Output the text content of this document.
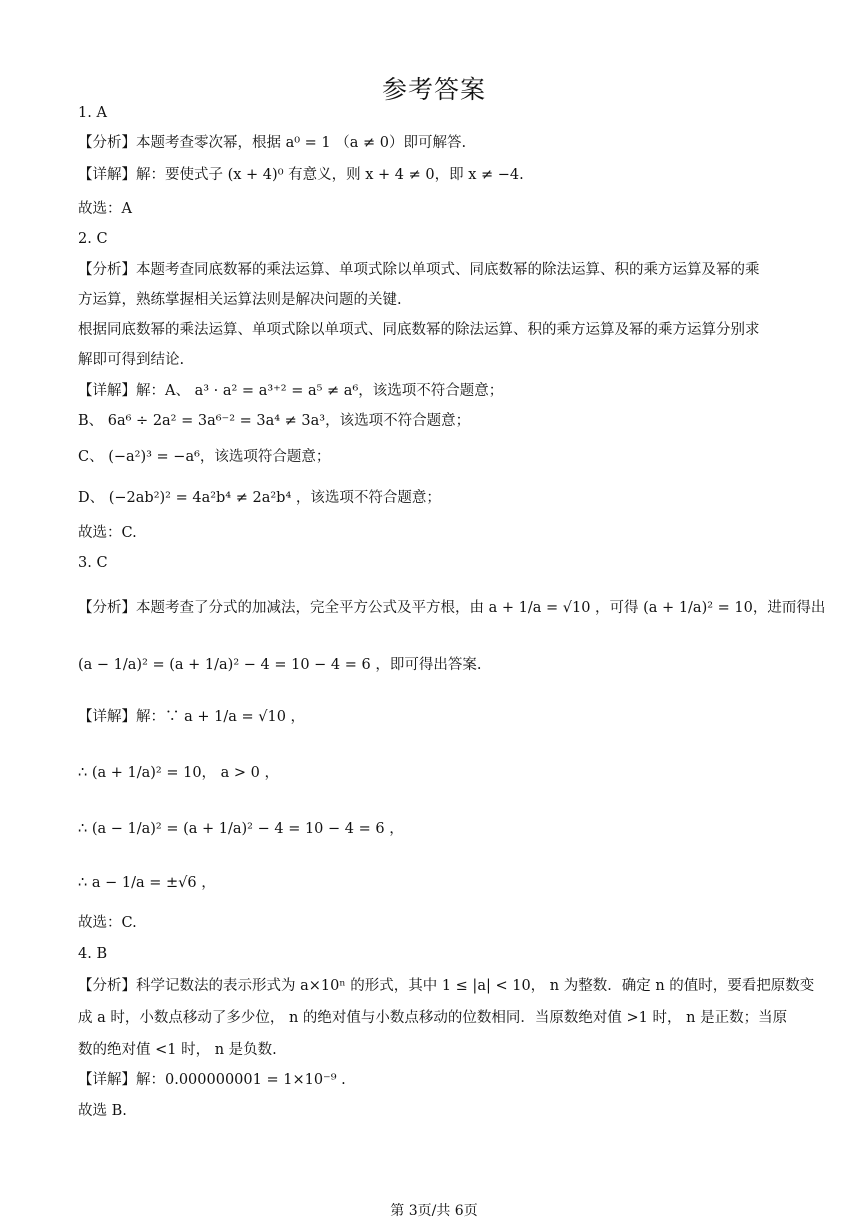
参考答案
1. A
【分析】本题考查零次幂，根据 a⁰ = 1 （a ≠ 0）即可解答.
【详解】解：要使式子 (x + 4)⁰ 有意义，则 x + 4 ≠ 0，即 x ≠ −4.
故选：A
2. C
【分析】本题考查同底数幂的乘法运算、单项式除以单项式、同底数幂的除法运算、积的乘方运算及幂的乘
方运算，熟练掌握相关运算法则是解决问题的关键.
根据同底数幂的乘法运算、单项式除以单项式、同底数幂的除法运算、积的乘方运算及幂的乘方运算分别求
解即可得到结论.
【详解】解：A、 a³ · a² = a³⁺² = a⁵ ≠ a⁶，该选项不符合题意；
B、 6a⁶ ÷ 2a² = 3a⁶⁻² = 3a⁴ ≠ 3a³，该选项不符合题意；
C、 (−a²)³ = −a⁶，该选项符合题意；
D、 (−2ab²)² = 4a²b⁴ ≠ 2a²b⁴ ，该选项不符合题意；
故选：C.
3. C
【分析】本题考查了分式的加减法，完全平方公式及平方根，由 a + 1/a = √10 ，可得 (a + 1/a)² = 10，进而得出
(a − 1/a)² = (a + 1/a)² − 4 = 10 − 4 = 6 ，即可得出答案.
【详解】解：∵ a + 1/a = √10 ，
∴ (a + 1/a)² = 10， a > 0 ，
∴ (a − 1/a)² = (a + 1/a)² − 4 = 10 − 4 = 6 ，
∴ a − 1/a = ±√6 ，
故选：C.
4. B
【分析】科学记数法的表示形式为 a×10ⁿ 的形式，其中 1 ≤ |a| < 10， n 为整数．确定 n 的值时，要看把原数变
成 a 时，小数点移动了多少位， n 的绝对值与小数点移动的位数相同．当原数绝对值 >1 时， n 是正数；当原
数的绝对值 <1 时， n 是负数.
【详解】解：0.000000001 = 1×10⁻⁹ .
故选 B.
第 3页/共 6页
